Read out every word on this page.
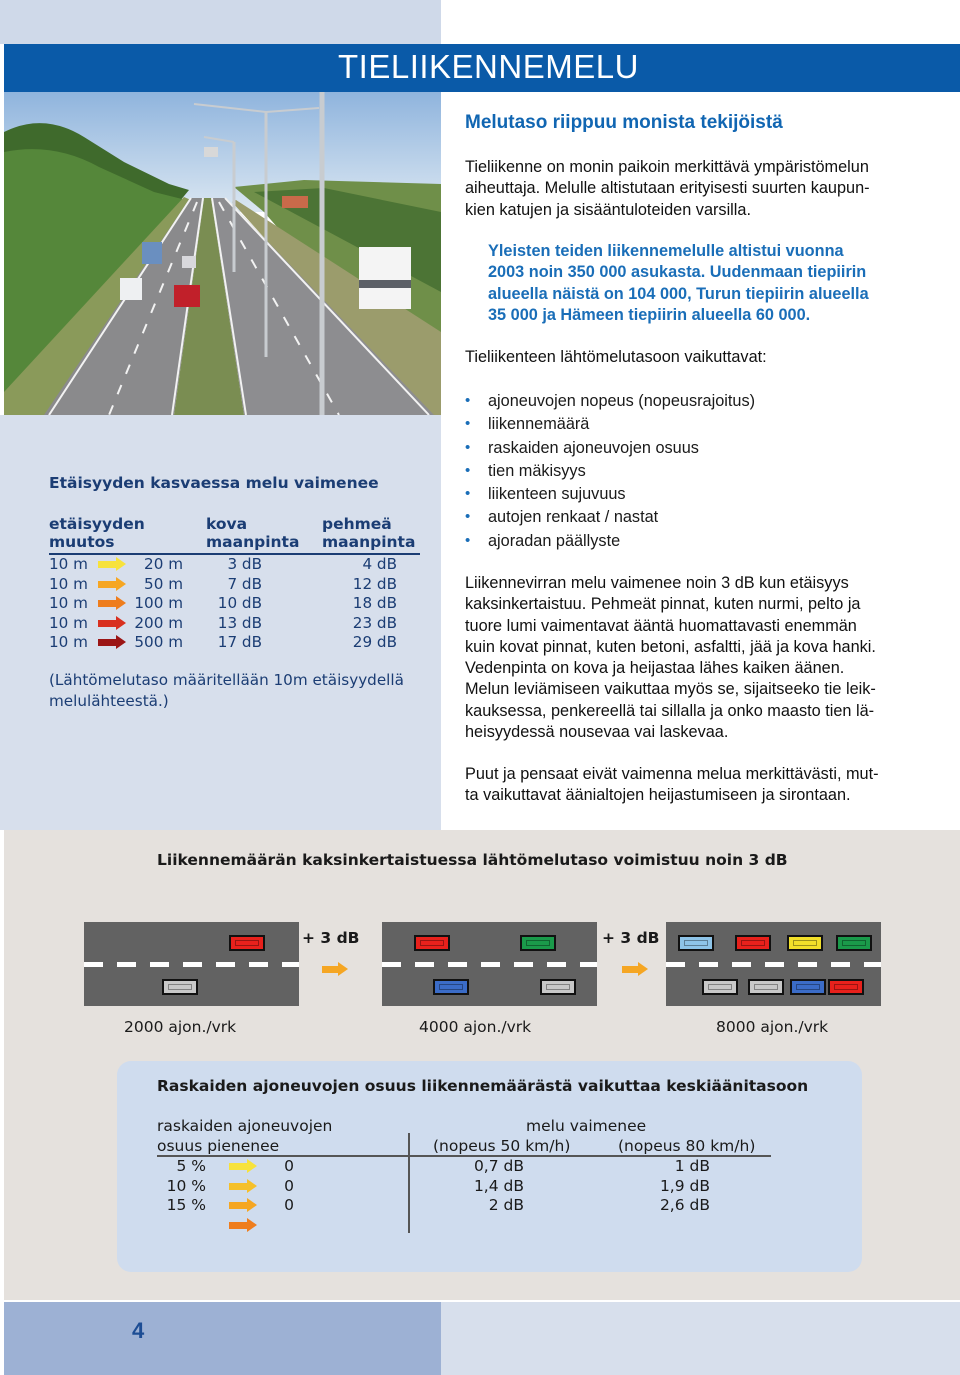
TIELIIKENNEMELU
Melutaso riippuu monista tekijöistä
Tieliikenne on monin paikoin merkittävä ympäristömelun
aiheuttaja. Melulle altistutaan erityisesti suurten kaupun-
kien katujen ja sisääntuloteiden varsilla.
Yleisten teiden liikennemelulle altistui vuonna
2003 noin 350 000 asukasta. Uudenmaan tiepiirin
alueella näistä on 104 000, Turun tiepiirin alueella
35 000 ja Hämeen tiepiirin alueella 60 000.
Tieliikenteen lähtömelutasoon vaikuttavat:
• ajoneuvojen nopeus (nopeusrajoitus)
• liikennemäärä
• raskaiden ajoneuvojen osuus
• tien mäkisyys
• liikenteen sujuvuus
• autojen renkaat / nastat
• ajoradan päällyste
Liikennevirran melu vaimenee noin 3 dB kun etäisyys
kaksinkertaistuu. Pehmeät pinnat, kuten nurmi, pelto ja
tuore lumi vaimentavat ääntä huomattavasti enemmän
kuin kovat pinnat, kuten betoni, asfaltti, jää ja kova hanki.
Vedenpinta on kova ja heijastaa lähes kaiken äänen.
Melun leviämiseen vaikuttaa myös se, sijaitseeko tie leik-
kauksessa, penkereellä tai sillalla ja onko maasto tien lä-
heisyydessä nousevaa vai laskevaa.
Puut ja pensaat eivät vaimenna melua merkittävästi, mut-
ta vaikuttavat äänialtojen heijastumiseen ja sirontaan.
Etäisyyden kasvaessa melu vaimenee
etäisyyden
muutos
kova
maanpinta
pehmeä
maanpinta
10 m	20 m	3 dB	4 dB
10 m	50 m	7 dB	12 dB
10 m	100 m 10 dB	18 dB
10 m	200 m 13 dB	23 dB
10 m	500 m 17 dB	29 dB
(Lähtömelutaso määritellään 10m etäisyydellä
melulähteestä.)
Liikennemäärän kaksinkertaistuessa lähtömelutaso voimistuu noin 3 dB
+ 3 dB	+ 3 dB
2000 ajon./vrk	4000 ajon./vrk	8000 ajon./vrk
Raskaiden ajoneuvojen osuus liikennemäärästä vaikuttaa keskiäänitasoon
raskaiden ajoneuvojen
osuus pienenee
melu vaimenee
(nopeus 50 km/h)	(nopeus 80 km/h)
5 %	0	0,7 dB	1 dB
10 %	0	1,4 dB	1,9 dB
15 %	0	2 dB	2,6 dB
4
